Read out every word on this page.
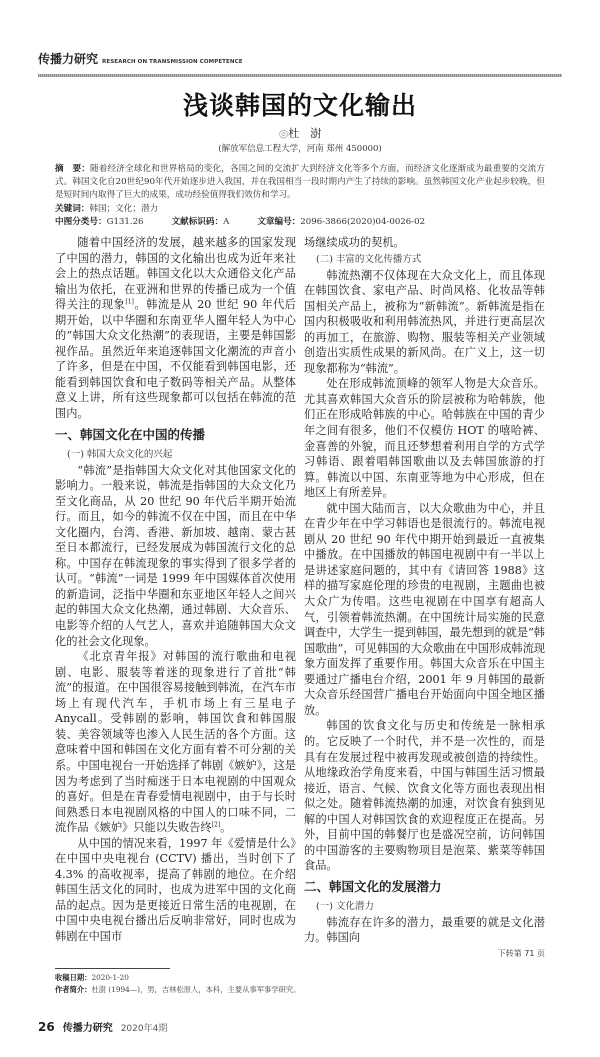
传播力研究 RESEARCH ON TRANSMISSION COMPETENCE
浅谈韩国的文化输出
◎杜　澍
(解放军信息工程大学，河南 郑州 450000)
摘　要：随着经济全球化和世界格局的变化，各国之间的交流扩大到经济文化等多个方面，而经济文化逐渐成为最重要的交流方式。韩国文化自20世纪90年代开始逐步进入我国，并在我国相当一段时期内产生了持续的影响。虽然韩国文化产业起步较晚，但是短时间内取得了巨大的成果，成功经验值得我们效仿和学习。
关键词：韩国；文化；潜力
中图分类号：G131.26	文献标识码：A	文章编号：2096-3866(2020)04-0026-02

随着中国经济的发展，越来越多的国家发现了中国的潜力，韩国的文化输出也成为近年来社会上的热点话题。韩国文化以大众通俗文化产品输出为依托，在亚洲和世界的传播已成为一个值得关注的现象[1]。韩流是从 20 世纪 90 年代后期开始，以中华圈和东南亚华人圈年轻人为中心的“韩国大众文化热潮”的表现语，主要是韩国影视作品。虽然近年来追逐韩国文化潮流的声音小了许多，但是在中国，不仅能看到韩国电影，还能看到韩国饮食和电子数码等相关产品。从整体意义上讲，所有这些现象都可以包括在韩流的范围内。

一、韩国文化在中国的传播
(一) 韩国大众文化的兴起

“韩流”是指韩国大众文化对其他国家文化的影响力。一般来说，韩流是指韩国的大众文化乃至文化商品，从 20 世纪 90 年代后半期开始流行。而且，如今的韩流不仅在中国，而且在中华文化圈内，台湾、香港、新加坡、越南、蒙古甚至日本都流行，已经发展成为韩国流行文化的总称。中国存在韩流现象的事实得到了很多学者的认可。“韩流”一词是 1999 年中国媒体首次使用的新造词，泛指中华圈和东亚地区年轻人之间兴起的韩国大众文化热潮，通过韩剧、大众音乐、电影等介绍的人气艺人，喜欢并追随韩国大众文化的社会文化现象。

《北京青年报》对韩国的流行歌曲和电视剧、电影、服装等着迷的现象进行了首批“韩流”的报道。在中国很容易接触到韩流，在汽车市场上有现代汽车，手机市场上有三星电子 Anycall。受韩剧的影响，韩国饮食和韩国服装、美容领域等也渗入人民生活的各个方面。这意味着中国和韩国在文化方面有着不可分割的关系。中国电视台一开始选择了韩剧《嫉妒》，这是因为考虑到了当时痴迷于日本电视剧的中国观众的喜好。但是在青春爱情电视剧中，由于与长时间熟悉日本电视剧风格的中国人的口味不同，二流作品《嫉妒》只能以失败告终[2]。

从中国的情况来看，1997 年《爱情是什么》在中国中央电视台 (CCTV) 播出，当时创下了 4.3% 的高收视率，提高了韩剧的地位。在介绍韩国生活文化的同时，也成为进军中国的文化商品的起点。因为是更接近日常生活的电视剧，在中国中央电视台播出后反响非常好，同时也成为韩剧在中国市

场继续成功的契机。

(二) 丰富的文化传播方式

韩流热潮不仅体现在大众文化上，而且体现在韩国饮食、家电产品、时尚风格、化妆品等韩国相关产品上，被称为“新韩流”。新韩流是指在国内积极吸收和利用韩流热风，并进行更高层次的再加工，在旅游、购物、服装等相关产业领域创造出实质性成果的新风尚。在广义上，这一切现象都称为“韩流”。

处在形成韩流顶峰的领军人物是大众音乐。尤其喜欢韩国大众音乐的阶层被称为哈韩族，他们正在形成哈韩族的中心。哈韩族在中国的青少年之间有很多，他们不仅模仿 HOT 的嘻哈裤、金喜善的外貌，而且还梦想着利用自学的方式学习韩语、跟着唱韩国歌曲以及去韩国旅游的打算。韩流以中国、东南亚等地为中心形成，但在地区上有所差异。

就中国大陆而言，以大众歌曲为中心，并且在青少年在中学习韩语也是很流行的。韩流电视剧从 20 世纪 90 年代中期开始到最近一直被集中播放。在中国播放的韩国电视剧中有一半以上是讲述家庭问题的，其中有《请回答 1988》这样的描写家庭伦理的珍贵的电视剧，主题曲也被大众广为传唱。这些电视剧在中国享有超高人气，引领着韩流热潮。在中国统计局实施的民意调查中，大学生一提到韩国，最先想到的就是“韩国歌曲”，可见韩国的大众歌曲在中国形成韩流现象方面发挥了重要作用。韩国大众音乐在中国主要通过广播电台介绍，2001 年 9 月韩国的最新大众音乐经国营广播电台开始面向中国全地区播放。

韩国的饮食文化与历史和传统是一脉相承的。它反映了一个时代，并不是一次性的，而是具有在发展过程中被再发现或被创造的持续性。从地缘政治学角度来看，中国与韩国生活习惯最接近，语言、气候、饮食文化等方面也表现出相似之处。随着韩流热潮的加速，对饮食有独到见解的中国人对韩国饮食的欢迎程度正在提高。另外，目前中国的韩餐厅也是盛况空前，访问韩国的中国游客的主要购物项目是泡菜、紫菜等韩国食品。

二、韩国文化的发展潜力
(一) 文化潜力

韩流存在许多的潜力，最重要的就是文化潜力。韩国向

下转第 71 页
收稿日期：2020-1-20
作者简介：杜澍 (1994—)，男，吉林松原人，本科，主要从事军事学研究。
26 传播力研究 2020年4期
